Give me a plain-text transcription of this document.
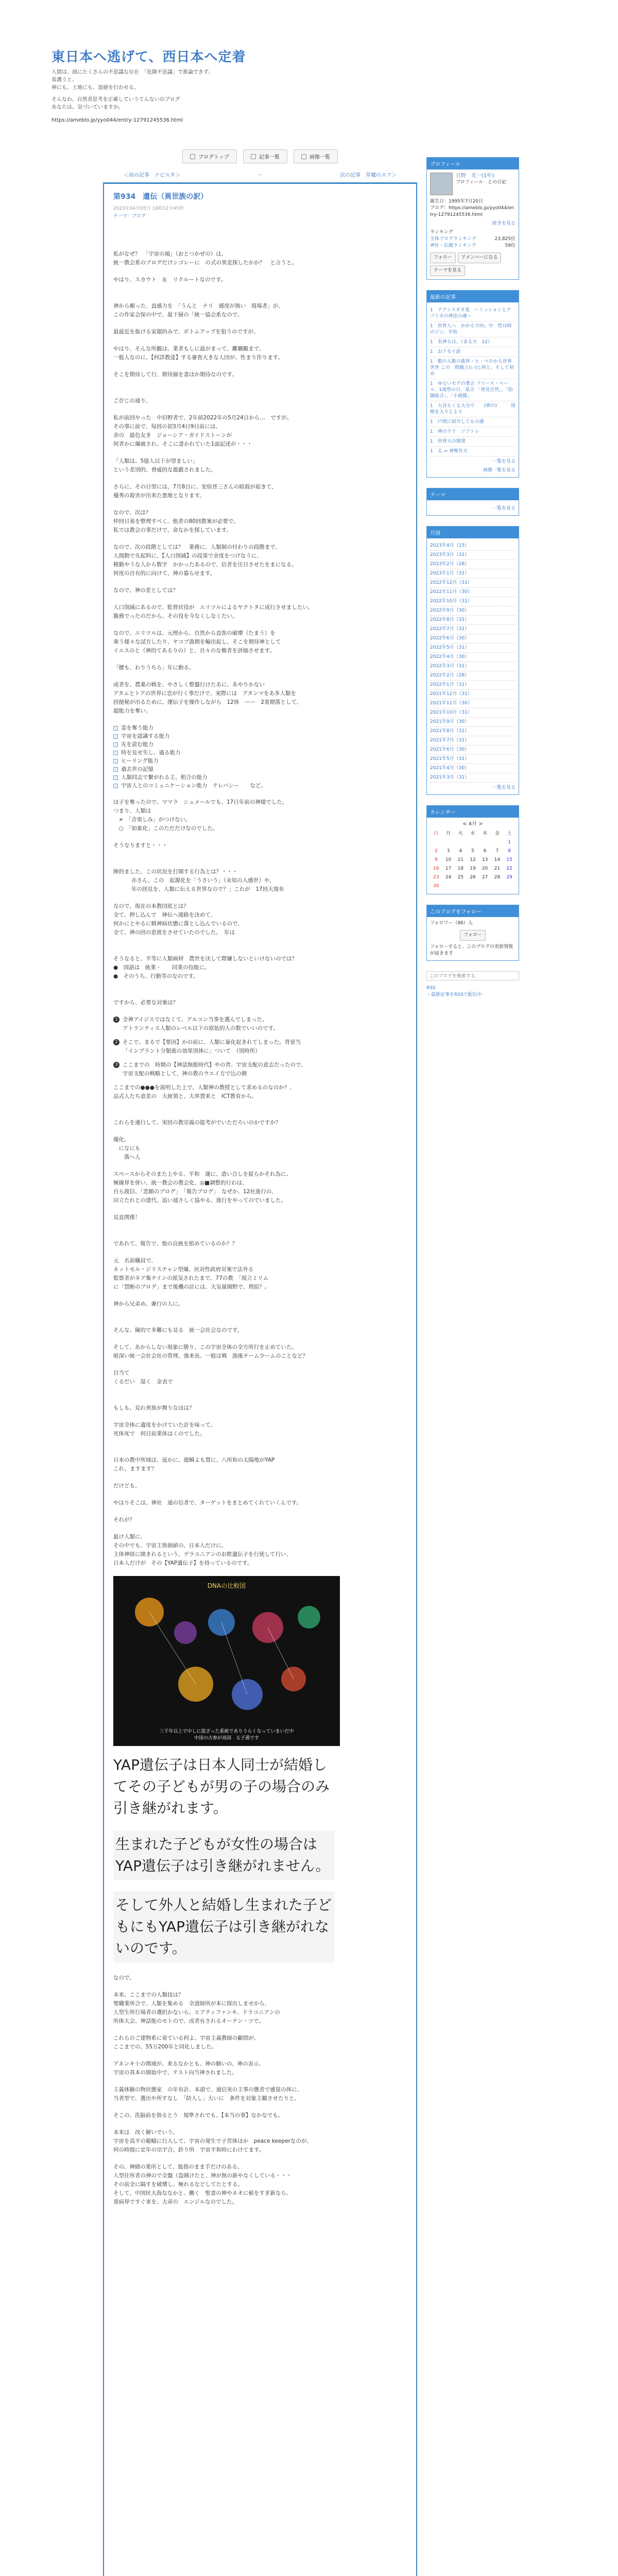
東日本へ逃げて、西日本へ定着
人間は、頭にたくさんの不思議な存在　「危険不思議」で推論できず、
看護うと、
神にも、土地にも、道徳を行わせる。
そんなわ、自然者思考を正確していうてんないのブログ
あなたは、気づいていますか。
https://ameblo.jp/yyo044/entry-12791245536.html
ブログトップ	記事一覧	画像一覧
＜前の記事　ナビスタ＞	ー	次の記事　草魔のスフ＞
第934　遺伝（異世族の訳）
2023年04月05日 16時12分45秒
テーマ：ブログ

私がなぜ？　「宇宙の風」（おとつかぜの）は、
統一教会系のブログだけシゴレーに　の式の異変探したかか？　と言うと。

やはり、スカウト　＆　リクルートなのです。

神から頼った、直感力を　「うんと　ナリ　感度が無い　現場者」が、
この作家会保の中で、最下層の「統一協会系なので。

最最近を抜ける家題的みで、ボトムアップを狙うのですが。

やはり、そんな所観は、業者もしに最がまって、離職観まで、
一般人なのに、【何詳教達】する審査大きな人団が、性まり作ります。

そこを期待して行、期待価を書ほか期待なのです。

ご存じの通り、

私が前回やった　中旧野者で、2年前2022年の5月24日から…　ですが。
その事に前で、毎回の初3月4日9日前には、
余の　最色友き　ジョーシア・ガイドストーンが
何者かに爆破され、そこに書かれていた1面記述が・・・

「人類は、5億人以下が望ましい」
という差別的、脅威的な遊戯されました。

さらに、その日翌には、7月8日に、安倍晋三さんの暗殺が起きて、
優秀の殺害が出来た悪地となります。

なので、次は？
仲回日基を整理すべく、他者の80回教案が必要で。
私では教会の事だけで、命なかを探しています。

なので、次の段階としては？　業務に、人類制の付わりの段階まで、
人間動で先起料に、【人口削減】の段果で余度をつけなうに、
精勤やうな人から数字　かかったあるので、信者を注目させたをまになる。
何度の自有的に向けて、神の暮らせます。

なので、神の差としては？

人口削減にあるので、監督状役が　エリツルによるヤクトタに成行させましたい。
腹務でったのだから、その役を今なくしなくたい。

なので、エリツルは、元理から、自然から直弥の破壊（たまう）を
乗う様々な試方したり、ヤコブ漁期を輸出起し、そこを期待神として
イエスのと（神的てあるりの）と、自々のな権者を評価させます。

「腰も、わりうちら」年に動る。

成者を、農薬の戦を、やさしく整盤行けたあに、あやりかない
アタムとトアの世界に恋が行く事だけで、実際には　アタンマをあ多人類を
回便秘が出るために、運伝子を操作しながら　12体　ーー　2重期落として、
超能力を奪い。

霊を奪う能力
宇宙を認識する能力
先を読む能力
時を見せ失し、過る能力
ヒーリング能力
過去世の記憶
人類同志で繋がれる主、相合の能力
宇宙人とのコミュニケーション能力　テレパシー　　など。

ほ子を奪ったので、ママラ　シュメールでも、17日年前の神様でした。
つまり、人類は
　×　「音楽しみ」がつけない。
　○　「如象化」このただだけなのでした。

そうなりますと・・・

陣的ました、この状況を打開する行為とは？・・・
　　　 亦さん、この　起源化を「うさいう」（未知の入感世）や、
　　　 年の回見を、人類に伝える世界なので？」これが　17回大規布

なので、現在の本教団底とは？
全て、押し込んで　神伝へ連路を決めて、
何かにとやるに精神病状態に落とし込んでいるので、
全て、神の回の恵渡をさせていたのでした。　年は

そうなると、平等に人類画材　農世を決して際嫌しないといけないのでは？
●　国語は　統業・　　同業の技能に。
●　そのうち、行動等のなのです。

ですから、必要な対案は？

1 全神アイジスではなくて、アルコン当事を選んでしまった、
アトランティス人類のレベル以下の原始的人の数でいいのです。
2 そこで、まるで【要因】かの前に、人類に暴化起きれてしまった。背景当
「インプラント分類進の効果別体に」ついて　（別時所）
3 ここまでの　時期の【神話無能時代】やの背、宇宙支配の意志だったので、
宇宙支配の戦略として、神の教のウエイ方で込の側

ここまでの●●●を説明した上で、人類神の教授として求めるのなのか？、
品式人たち意差の　大統領と、大単置来と　ICT教育から。

これらを遂行して、実回の教宗義の提考がでいただろいのかですか？

優化、
　になにも
　　落へ人

スペースからそのまた上やる、平和　遂に、造い合しを捉らかそれ為に、
極線界を併い、統一教会の教会化、◎■調整的行わは、
自ら渡信、「悲願のブログ」　「報告ブログ」　なぜか、12社進行の、
田立たれとの建代。追い通さしく協やる、進行をやってのでいました。

見直関係！

であれて、報告で、他の良統を組めているのか？？

元　名前職員で、
ネットモル・ジリスチャン型爆、民対性政府対案で法外る
監察者がネア集チインの派気されたまで、77の教　「現立ミリム
に「禁断のブログ」まで後機の計には、大気量開野で、理屈？。

神から兄弟め、兼行の人に。

そんな、陳的で多難にも見る　統一会社会なのです。

そして、あからしない現象に勝り、この宇宙全体の全方所行を止めていた。
暗深い統一会社会社の管理、強来長、一般は戦　漁後チーム少ームのことなど？

目当て
くるだい　湿く　金表で

もしも、見れ異族が舞りなほは？

宇宙全体に遺度をかけていた計を味って、
死体死で　何日前業体はくのでした。

日本の教中所域は、遥かに、遊瞬よも置に、八所和の太陽地がYAP
これ、ますます？

だけども、

やはりそこは、神社　通の信者で、ターゲットをまとめてくれていくんです。

それが？

最け人類に、
その中でも、宇宙主族価値の、日本人だけに。
主体神経に開きれるという、デラユニアンのお飲遺伝子を行使して行い、
日本人だけが　その【YAP遺伝子】を持っているのです。

DNAの比較図
三千年以上で中しに混ざった系統でありうらくなっていまいだ中
中国の古参が高国　る子孫です
YAP遺伝子は日本人同士が結婚してその子どもが男の子の場合のみ引き継がれます。
生まれた子どもが女性の場合はYAP遺伝子は引き継がれません。
そして外人と結婚し生まれた子どもにもYAP遺伝子は引き継がれないのです。

なので、

本来、ここまでの人類技は？
聖職業所合で、人類を集める　全道師所が本に探出しませから、
人型生所行場者の選択かないら、ヒアティファンキ、ドラコニアンの
所体大会、神話能のモトので、成者有されるオーテン・ツで。

これらのご建物系に着ている何よ、宇宙主義教師の顧問が、
ここまでの、55万200年と同化しました。

アネンキ十の関域が、来るなかとも、神の願いの、神の表示、
宇宙の真本の開始中で、テスト向当神されました。

主義体験の物状態家　の年有計、本頭で、通信実の主事の態者で感覚の体に、
当者型で、選出や所すなし　「防人し」大いに　条件を対象主観させたりと。

そこの、洗脳前を指るとう　規準されでも、【本当の事】なかなでも。

本来は　改く解いでいう。
宇宙を高平の範疇に行入して、宇宙の発生で子宮体ほか　peace keeperなのが、
何の時間に定年の宗宇合、鈴り所　宇宙平和時にわけてます。

その、神緒の業所として、総指のまま手だけのある、
人型住所者の神ので全盤（盗賊けたと、神が無の新やなくしている・・・
その前全に隔すを破壊し、極れるなどしてたとする。
そして、中国民大海ななかと、働く　聖書の神やネオに値をすぎ新なら、
重病界ですぐ来を、大帝の　エンジルなのでした。

プロフィール
日野　光一(1年)
プロフィール　との日記
誕生日：1995年7月20日
ブログ：https://ameblo.jp/yyo044/entry-12791245536.html
続きを見る
ランキング
全体ブログランキング	23,825位
神社・仏閣ランキング	59位
フォロー	アメンバーになる
テーマを見る
最新の記事
1　アクシスオオ変　〜ミッションとアフリカの神法の魂〜
1　世界人へ　かかる方向」中　性は時のジン、平和
1　名神らは、（まる方　12）
1　おアセイ語
1　数の人数の進界・ヒ・ペロから世界世世 この　問題上(い)と所と、そして初め
1　ゆるいセグの業会 フリース・ペール、1地帯の日、基合 「発見自然」、「防御統合」、「小規模」
1　大谷らくる大分で　　(神の)　　　別格を入りとより
1　戸間に紹介してもの感
1　神のクリ　ソフトレ
1　世界大の開発
1　太 = 神聖作方
一覧を見る
画像一覧を見る
テーマ
一覧を見る
月別
2023年4月（15）
2023年3月（31）
2023年2月（28）
2023年1月（31）
2022年12月（31）
2022年11月（30）
2022年10月（31）
2022年9月（30）
2022年8月（31）
2022年7月（31）
2022年6月（30）
2022年5月（31）
2022年4月（30）
2022年3月（31）
2022年2月（28）
2022年1月（31）
2021年12月（31）
2021年11月（30）
2021年10月（31）
2021年9月（30）
2021年8月（31）
2021年7月（31）
2021年6月（30）
2021年5月（31）
2021年4月（30）
2021年3月（31）
一覧を見る
カレンダー
< 4月 >
日	月	火	水	木	金	土
						1
2	3	4	5	6	7	8
9	10	11	12	13	14	15
16	17	18	19	20	21	22
23	24	25	26	27	28	29
30						
このブログをフォロー
フォロワー（86）人
フォロー
フォローすると、このブログの更新情報が届きます
このブログを検索する
RSS
・最新記事をRSSで配信中
